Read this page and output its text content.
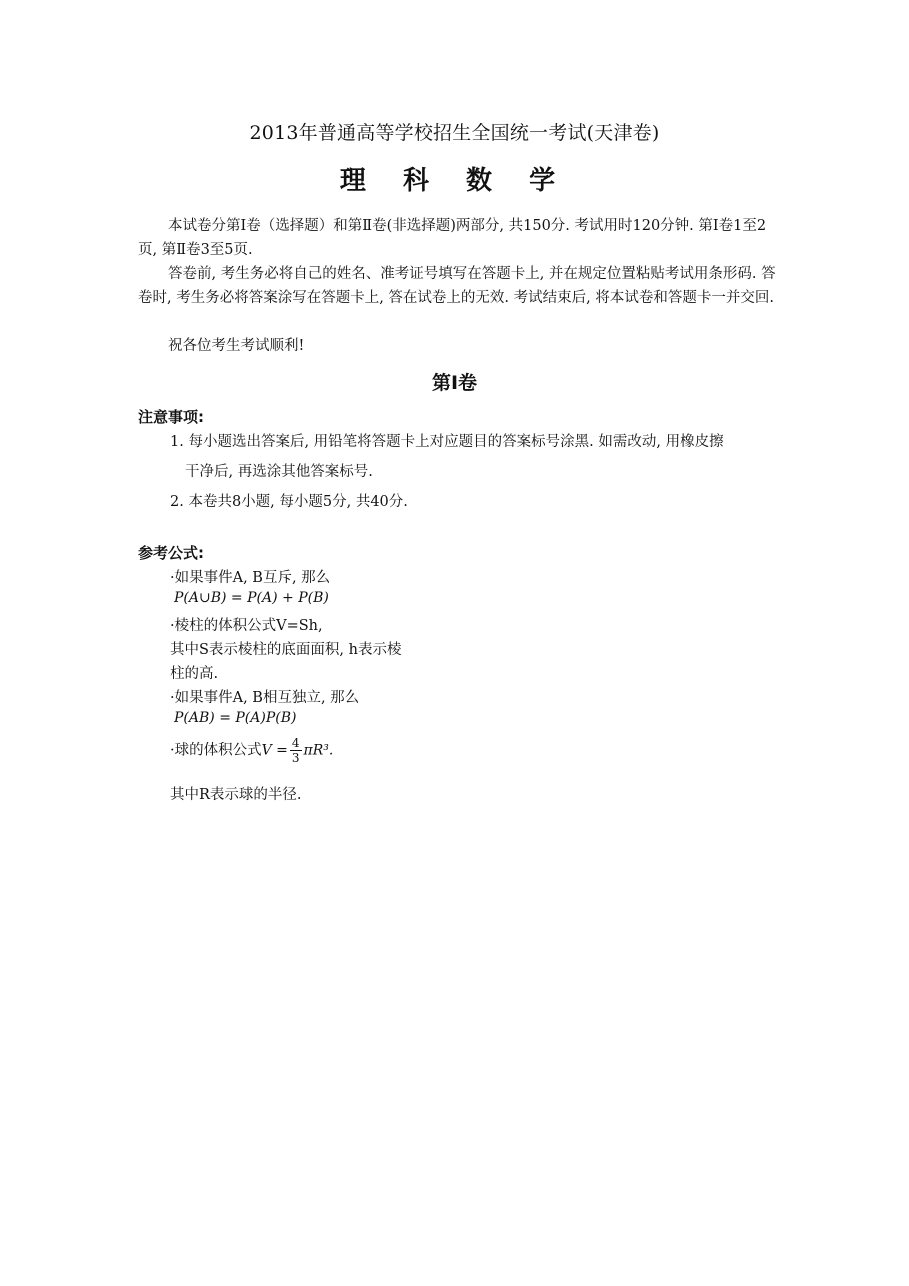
2013年普通高等学校招生全国统一考试(天津卷)
理 科 数 学
本试卷分第Ⅰ卷（选择题）和第Ⅱ卷(非选择题)两部分, 共150分. 考试用时120分钟. 第Ⅰ卷1至2页, 第Ⅱ卷3至5页.
答卷前, 考生务必将自己的姓名、准考证号填写在答题卡上, 并在规定位置粘贴考试用条形码. 答卷时, 考生务必将答案涂写在答题卡上, 答在试卷上的无效. 考试结束后, 将本试卷和答题卡一并交回.
祝各位考生考试顺利!
第Ⅰ卷
注意事项:
1. 每小题选出答案后, 用铅笔将答题卡上对应题目的答案标号涂黑. 如需改动, 用橡皮擦
干净后, 再选涂其他答案标号.
2. 本卷共8小题, 每小题5分, 共40分.
参考公式:
·如果事件A, B互斥, 那么
P(A∪B) = P(A) + P(B)
·棱柱的体积公式V=Sh,
其中S表示棱柱的底面面积, h表示棱
柱的高.
·如果事件A, B相互独立, 那么
P(AB) = P(A)P(B)
·球的体积公式$V = \frac{4}{3} \pi R^3$.
其中R表示球的半径.
